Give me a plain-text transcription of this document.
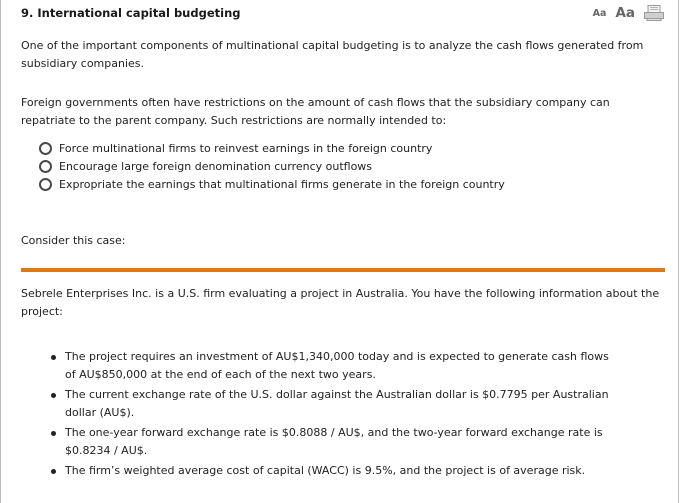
9. International capital budgeting	Aa Aa

One of the important components of multinational capital budgeting is to analyze the cash flows generated from subsidiary companies.

Foreign governments often have restrictions on the amount of cash flows that the subsidiary company can repatriate to the parent company. Such restrictions are normally intended to:

Force multinational firms to reinvest earnings in the foreign country
Encourage large foreign denomination currency outflows
Expropriate the earnings that multinational firms generate in the foreign country

Consider this case:

Sebrele Enterprises Inc. is a U.S. firm evaluating a project in Australia. You have the following information about the project:

The project requires an investment of AU$1,340,000 today and is expected to generate cash flows of AU$850,000 at the end of each of the next two years.
The current exchange rate of the U.S. dollar against the Australian dollar is $0.7795 per Australian dollar (AU$).
The one-year forward exchange rate is $0.8088 / AU$, and the two-year forward exchange rate is $0.8234 / AU$.
The firm’s weighted average cost of capital (WACC) is 9.5%, and the project is of average risk.
